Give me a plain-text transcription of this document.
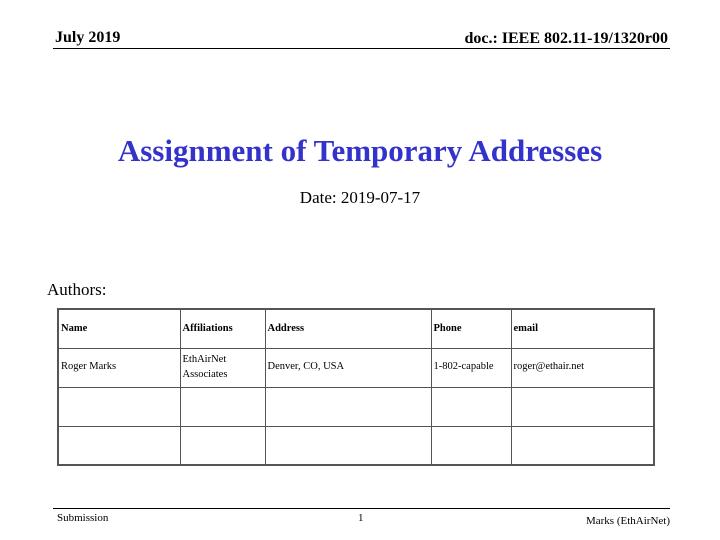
July 2019	doc.: IEEE 802.11-19/1320r00
Assignment of Temporary Addresses
Date: 2019-07-17
Authors:
Name	Affiliations	Address	Phone	email
Roger Marks	EthAirNet Associates	Denver, CO, USA	1-802-capable	roger@ethair.net

Submission	1	Marks (EthAirNet)
